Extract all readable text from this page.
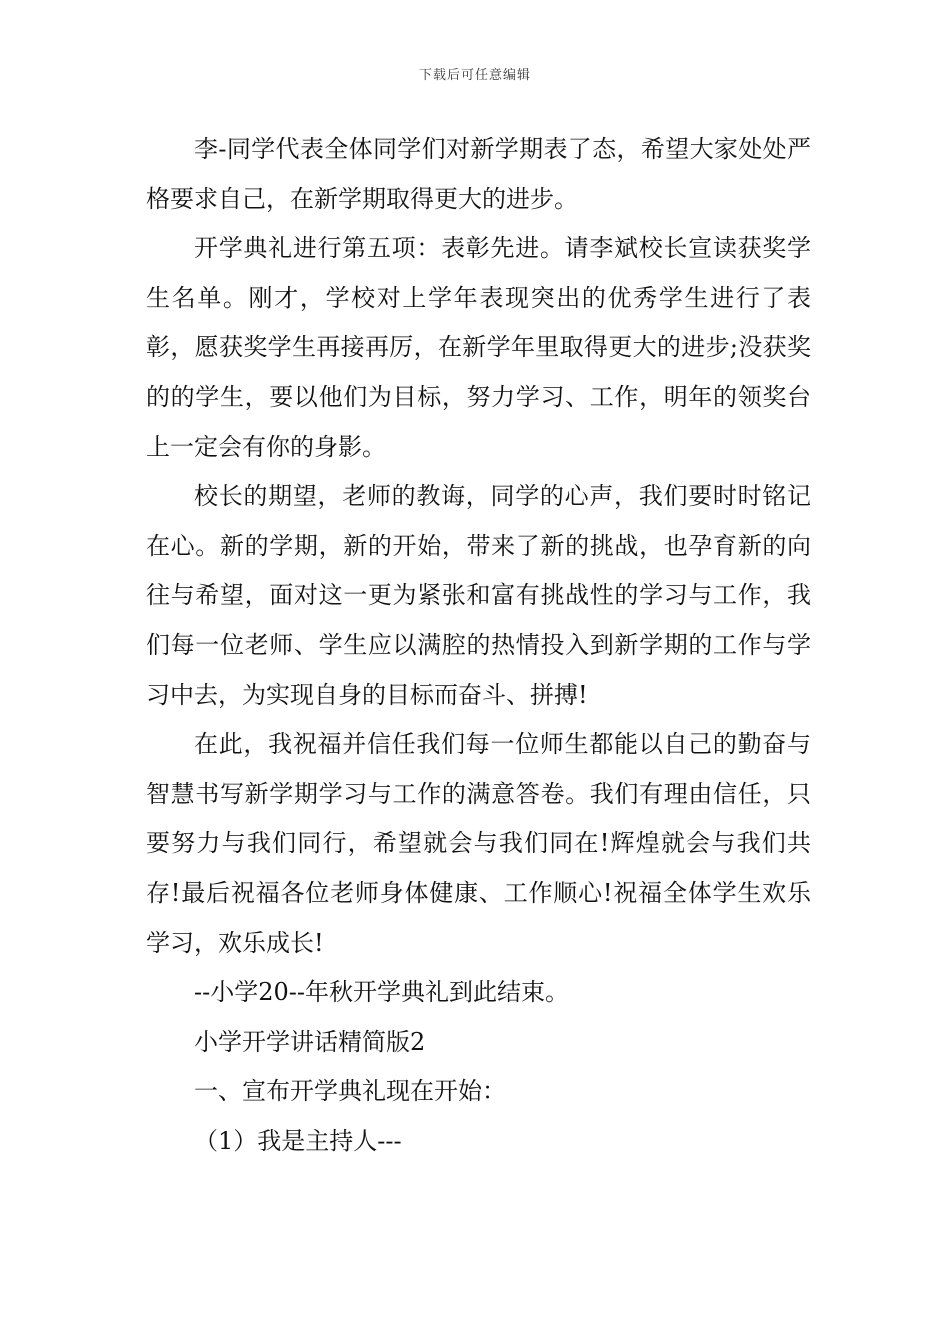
下载后可任意编辑

李-同学代表全体同学们对新学期表了态，希望大家处处严格要求自己，在新学期取得更大的进步。

开学典礼进行第五项：表彰先进。请李斌校长宣读获奖学生名单。刚才，学校对上学年表现突出的优秀学生进行了表彰，愿获奖学生再接再厉，在新学年里取得更大的进步;没获奖的的学生，要以他们为目标，努力学习、工作，明年的领奖台上一定会有你的身影。

校长的期望，老师的教诲，同学的心声，我们要时时铭记在心。新的学期，新的开始，带来了新的挑战，也孕育新的向往与希望，面对这一更为紧张和富有挑战性的学习与工作，我们每一位老师、学生应以满腔的热情投入到新学期的工作与学习中去，为实现自身的目标而奋斗、拼搏!

在此，我祝福并信任我们每一位师生都能以自己的勤奋与智慧书写新学期学习与工作的满意答卷。我们有理由信任，只要努力与我们同行，希望就会与我们同在!辉煌就会与我们共存!最后祝福各位老师身体健康、工作顺心!祝福全体学生欢乐学习，欢乐成长!

--小学20--年秋开学典礼到此结束。

小学开学讲话精简版2

一、宣布开学典礼现在开始：

（1）我是主持人---
